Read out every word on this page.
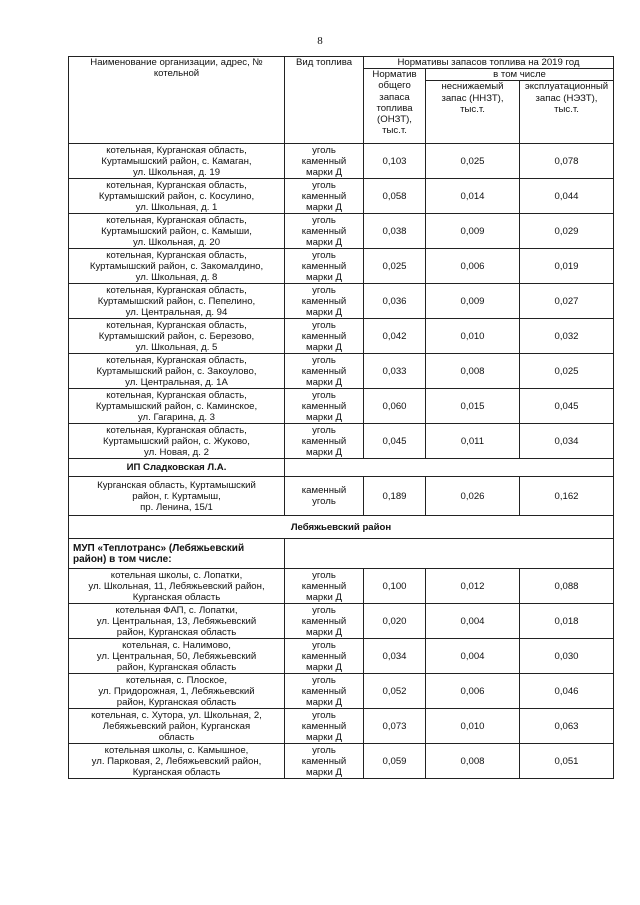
8
Наименование организации, адрес, № котельной	Вид топлива	Нормативы запасов топлива на 2019 год		
		Норматив общего запаса топлива (ОНЗТ), тыс.т.	в том числе	
			неснижаемый запас (ННЗТ), тыс.т.	эксплуатационный запас (НЭЗТ), тыс.т.

котельная, Курганская область,
Куртамышский район, с. Камаган,
ул. Школьная, д. 19	уголь
каменный
марки Д	0,103	0,025	0,078

котельная, Курганская область,
Куртамышский район, с. Косулино,
ул. Школьная, д. 1	уголь
каменный
марки Д	0,058	0,014	0,044

котельная, Курганская область,
Куртамышский район, с. Камыши,
ул. Школьная, д. 20	уголь
каменный
марки Д	0,038	0,009	0,029

котельная, Курганская область,
Куртамышский район, с. Закомалдино,
ул. Школьная, д. 8	уголь
каменный
марки Д	0,025	0,006	0,019

котельная, Курганская область,
Куртамышский район, с. Пепелино,
ул. Центральная, д. 94	уголь
каменный
марки Д	0,036	0,009	0,027

котельная, Курганская область,
Куртамышский район, с. Березово,
ул. Школьная, д. 5	уголь
каменный
марки Д	0,042	0,010	0,032

котельная, Курганская область,
Куртамышский район, с. Закоулово,
ул. Центральная, д. 1А	уголь
каменный
марки Д	0,033	0,008	0,025

котельная, Курганская область,
Куртамышский район, с. Каминское,
ул. Гагарина, д. 3	уголь
каменный
марки Д	0,060	0,015	0,045

котельная, Курганская область,
Куртамышский район, с. Жуково,
ул. Новая, д. 2	уголь
каменный
марки Д	0,045	0,011	0,034
ИП Сладковская Л.А.				

Курганская область, Куртамышский
район, г. Куртамыш,
пр. Ленина, 15/1	каменный
уголь	0,189	0,026	0,162
Лебяжьевский район				

МУП «Теплотранс» (Лебяжьевский
район) в том числе:				

котельная школы, с. Лопатки,
ул. Школьная, 11, Лебяжьевский район,
Курганская область	уголь
каменный
марки Д	0,100	0,012	0,088

котельная ФАП, с. Лопатки,
ул. Центральная, 13, Лебяжьевский
район, Курганская область	уголь
каменный
марки Д	0,020	0,004	0,018

котельная, с. Налимово,
ул. Центральная, 50, Лебяжьевский
район, Курганская область	уголь
каменный
марки Д	0,034	0,004	0,030

котельная, с. Плоское,
ул. Придорожная, 1, Лебяжьевский
район, Курганская область	уголь
каменный
марки Д	0,052	0,006	0,046

котельная, с. Хутора, ул. Школьная, 2,
Лебяжьевский район, Курганская
область	уголь
каменный
марки Д	0,073	0,010	0,063

котельная школы, с. Камышное,
ул. Парковая, 2, Лебяжьевский район,
Курганская область	уголь
каменный
марки Д	0,059	0,008	0,051
